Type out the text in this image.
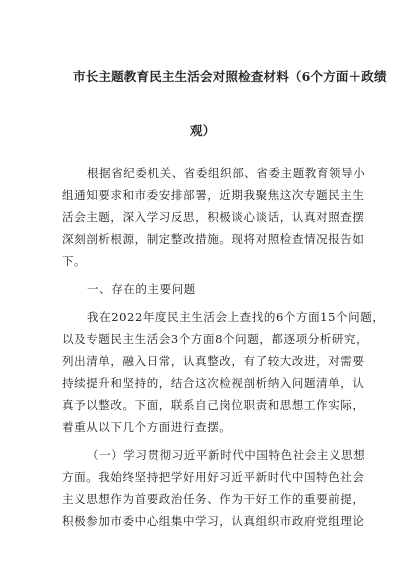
市长主题教育民主生活会对照检查材料（6个方面＋政绩
观）
根据省纪委机关、省委组织部、省委主题教育领导小
组通知要求和市委安排部署，近期我聚焦这次专题民主生
活会主题，深入学习反思，积极谈心谈话，认真对照查摆
深刻剖析根源，制定整改措施。现将对照检查情况报告如
下。
一、存在的主要问题
我在2022年度民主生活会上查找的6个方面15个问题，
以及专题民主生活会3个方面8个问题，都逐项分析研究，
列出清单，融入日常，认真整改，有了较大改进，对需要
持续提升和坚持的，结合这次检视剖析纳入问题清单，认
真予以整改。下面，联系自己岗位职责和思想工作实际，
着重从以下几个方面进行查摆。
（一）学习贯彻习近平新时代中国特色社会主义思想
方面。我始终坚持把学好用好习近平新时代中国特色社会
主义思想作为首要政治任务、作为干好工作的重要前提，
积极参加市委中心组集中学习，认真组织市政府党组理论
